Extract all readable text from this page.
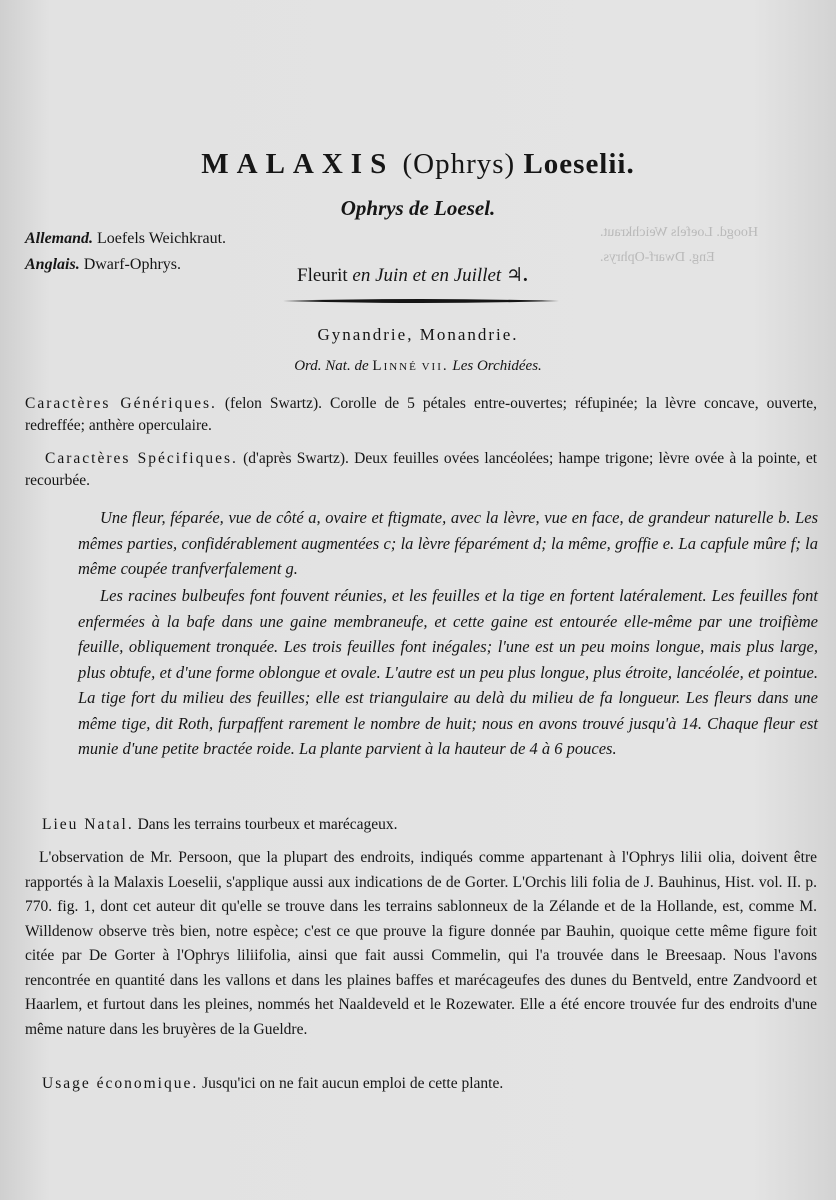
Hoogd. Loefels Weichkraut.
Eng. Dwarf-Ophrys.
MALAXIS (Ophrys) Loeselii.
Ophrys de Loesel.
Allemand. Loefels Weichkraut.
Anglais. Dwarf-Ophrys.
Fleurit en Juin et en Juillet ♃.
Gynandrie, Monandrie.
Ord. Nat. de Linné vii. Les Orchidées.
Caractères Génériques. (felon Swartz). Corolle de 5 pétales entre-ouvertes; réfupinée; la lèvre concave, ouverte, redreffée; anthère operculaire.
Caractères Spécifiques. (d'après Swartz). Deux feuilles ovées lancéolées; hampe trigone; lèvre ovée à la pointe, et recourbée.
Une fleur, féparée, vue de côté a, ovaire et ftigmate, avec la lèvre, vue en face, de grandeur naturelle b. Les mêmes parties, confidérablement augmentées c; la lèvre féparément d; la même, groffie e. La capfule mûre f; la même coupée tranfverfalement g.
Les racines bulbeufes font fouvent réunies, et les feuilles et la tige en fortent latéralement. Les feuilles font enfermées à la bafe dans une gaine membraneufe, et cette gaine est entourée elle-même par une troifième feuille, obliquement tronquée. Les trois feuilles font inégales; l'une est un peu moins longue, mais plus large, plus obtufe, et d'une forme oblongue et ovale. L'autre est un peu plus longue, plus étroite, lancéolée, et pointue. La tige fort du milieu des feuilles; elle est triangulaire au delà du milieu de fa longueur. Les fleurs dans une même tige, dit Roth, furpaffent rarement le nombre de huit; nous en avons trouvé jusqu'à 14. Chaque fleur est munie d'une petite bractée roide. La plante parvient à la hauteur de 4 à 6 pouces.
Lieu Natal. Dans les terrains tourbeux et marécageux.
L'observation de Mr. Persoon, que la plupart des endroits, indiqués comme appartenant à l'Ophrys lilii olia, doivent être rapportés à la Malaxis Loeselii, s'applique aussi aux indications de de Gorter. L'Orchis lili folia de J. Bauhinus, Hist. vol. II. p. 770. fig. 1, dont cet auteur dit qu'elle se trouve dans les terrains sablonneux de la Zélande et de la Hollande, est, comme M. Willdenow observe très bien, notre espèce; c'est ce que prouve la figure donnée par Bauhin, quoique cette même figure foit citée par De Gorter à l'Ophrys liliifolia, ainsi que fait aussi Commelin, qui l'a trouvée dans le Breesaap. Nous l'avons rencontrée en quantité dans les vallons et dans les plaines baffes et marécageufes des dunes du Bentveld, entre Zandvoord et Haarlem, et furtout dans les pleines, nommés het Naaldeveld et le Rozewater. Elle a été encore trouvée fur des endroits d'une même nature dans les bruyères de la Gueldre.
Usage économique. Jusqu'ici on ne fait aucun emploi de cette plante.
